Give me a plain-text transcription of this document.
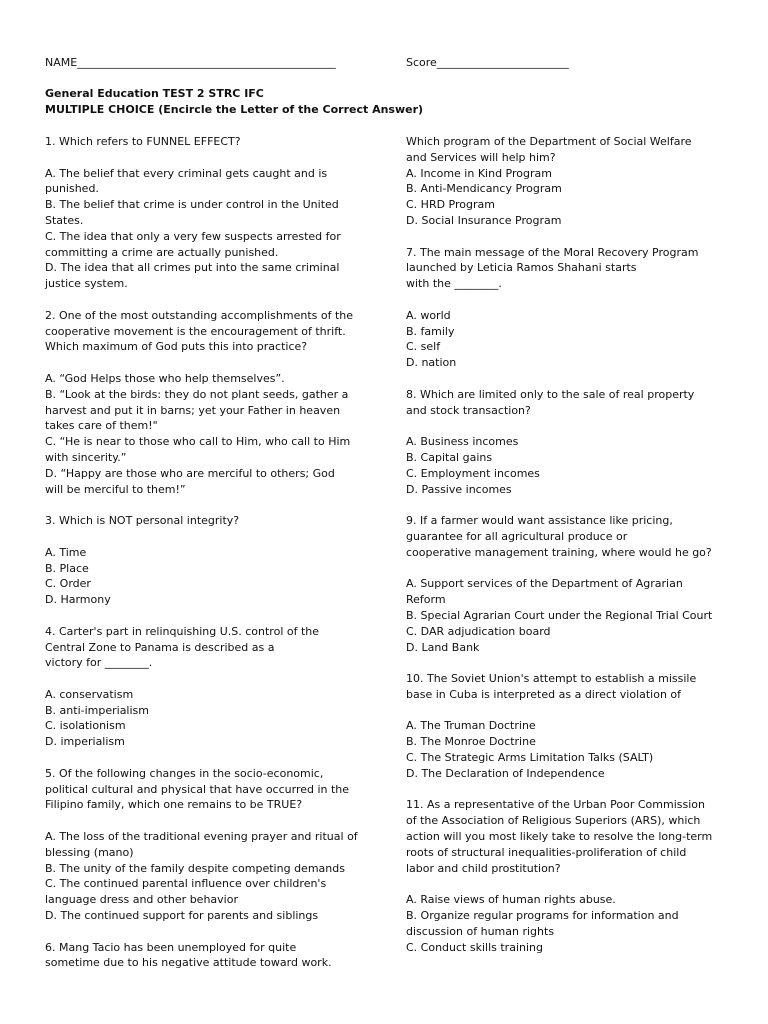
NAME_______________________________________________	Score________________________
General Education TEST 2 STRC IFC
MULTIPLE CHOICE (Encircle the Letter of the Correct Answer)

1. Which refers to FUNNEL EFFECT?

A. The belief that every criminal gets caught and is

punished.

B. The belief that crime is under control in the United

States.

C. The idea that only a very few suspects arrested for

committing a crime are actually punished.

D. The idea that all crimes put into the same criminal

justice system.

2. One of the most outstanding accomplishments of the

cooperative movement is the encouragement of thrift.

Which maximum of God puts this into practice?

A. “God Helps those who help themselves”.

B. “Look at the birds: they do not plant seeds, gather a

harvest and put it in barns; yet your Father in heaven

takes care of them!"

C. “He is near to those who call to Him, who call to Him

with sincerity.”

D. “Happy are those who are merciful to others; God

will be merciful to them!”

3. Which is NOT personal integrity?

A. Time

B. Place

C. Order

D. Harmony

4. Carter's part in relinquishing U.S. control of the

Central Zone to Panama is described as a

victory for ________.

A. conservatism

B. anti-imperialism

C. isolationism

D. imperialism

5. Of the following changes in the socio-economic,

political cultural and physical that have occurred in the

Filipino family, which one remains to be TRUE?

A. The loss of the traditional evening prayer and ritual of

blessing (mano)

B. The unity of the family despite competing demands

C. The continued parental influence over children's

language dress and other behavior

D. The continued support for parents and siblings

6. Mang Tacio has been unemployed for quite

sometime due to his negative attitude toward work.

Which program of the Department of Social Welfare

and Services will help him?

A. Income in Kind Program

B. Anti-Mendicancy Program

C. HRD Program

D. Social Insurance Program

7. The main message of the Moral Recovery Program

launched by Leticia Ramos Shahani starts

with the ________.

A. world

B. family

C. self

D. nation

8. Which are limited only to the sale of real property

and stock transaction?

A. Business incomes

B. Capital gains

C. Employment incomes

D. Passive incomes

9. If a farmer would want assistance like pricing,

guarantee for all agricultural produce or

cooperative management training, where would he go?

A. Support services of the Department of Agrarian

Reform

B. Special Agrarian Court under the Regional Trial Court

C. DAR adjudication board

D. Land Bank

10. The Soviet Union's attempt to establish a missile

base in Cuba is interpreted as a direct violation of

A. The Truman Doctrine

B. The Monroe Doctrine

C. The Strategic Arms Limitation Talks (SALT)

D. The Declaration of Independence

11. As a representative of the Urban Poor Commission

of the Association of Religious Superiors (ARS), which

action will you most likely take to resolve the long-term

roots of structural inequalities-proliferation of child

labor and child prostitution?

A. Raise views of human rights abuse.

B. Organize regular programs for information and

discussion of human rights

C. Conduct skills training
